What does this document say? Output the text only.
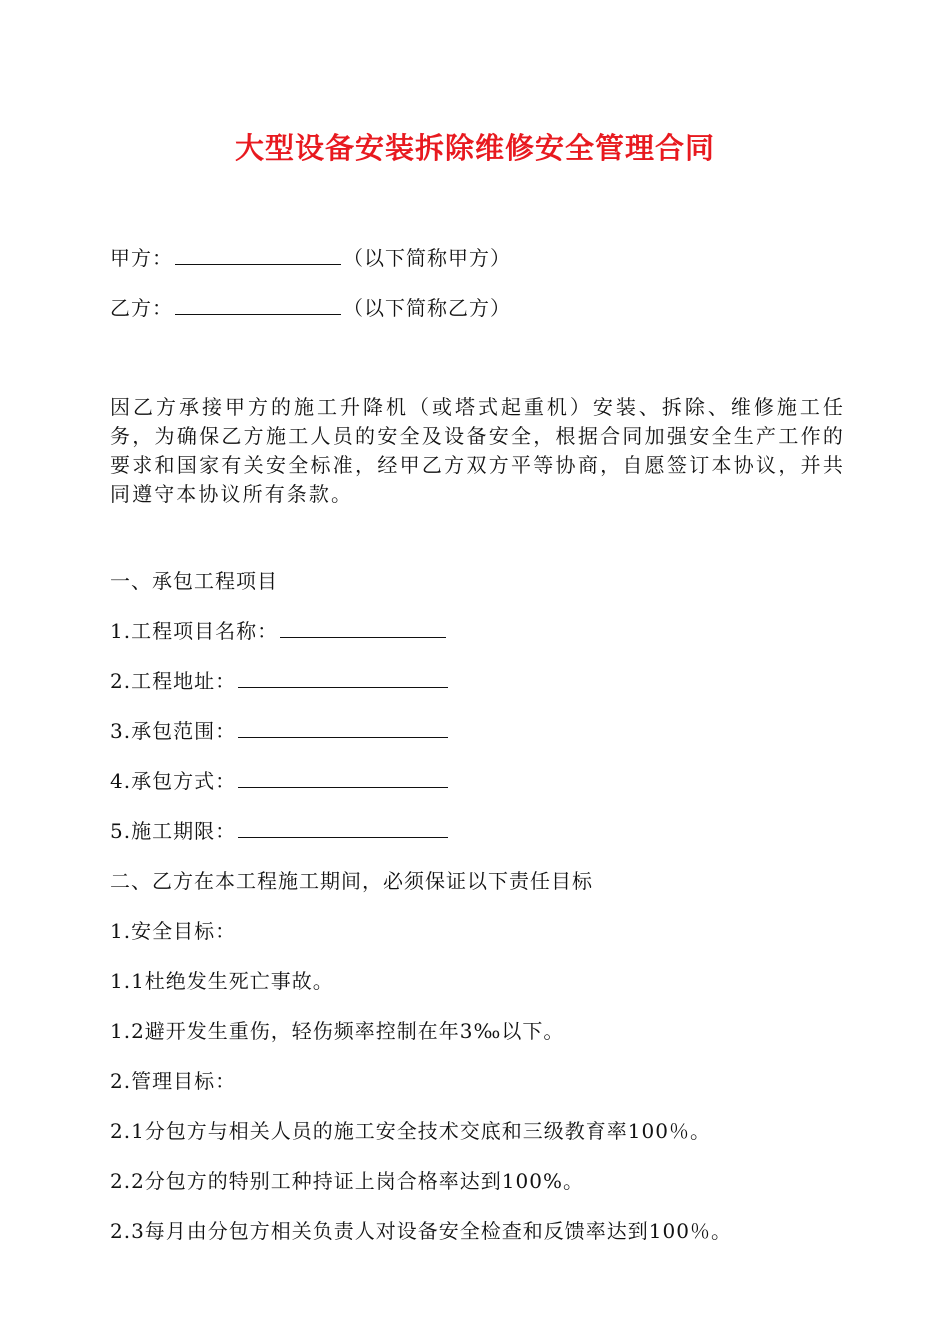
大型设备安装拆除维修安全管理合同
甲方：	（以下简称甲方）
乙方：	（以下简称乙方）

因乙方承接甲方的施工升降机（或塔式起重机）安装、拆除、维修施工任务，为确保乙方施工人员的安全及设备安全，根据合同加强安全生产工作的要求和国家有关安全标准，经甲乙方双方平等协商，自愿签订本协议，并共同遵守本协议所有条款。

一、承包工程项目
1.工程项目名称：
2.工程地址：
3.承包范围：
4.承包方式：
5.施工期限：
二、乙方在本工程施工期间，必须保证以下责任目标
1.安全目标：
1.1杜绝发生死亡事故。
1.2避开发生重伤，轻伤频率控制在年3‰以下。
2.管理目标：
2.1分包方与相关人员的施工安全技术交底和三级教育率100％。
2.2分包方的特别工种持证上岗合格率达到100%。
2.3每月由分包方相关负责人对设备安全检查和反馈率达到100％。
